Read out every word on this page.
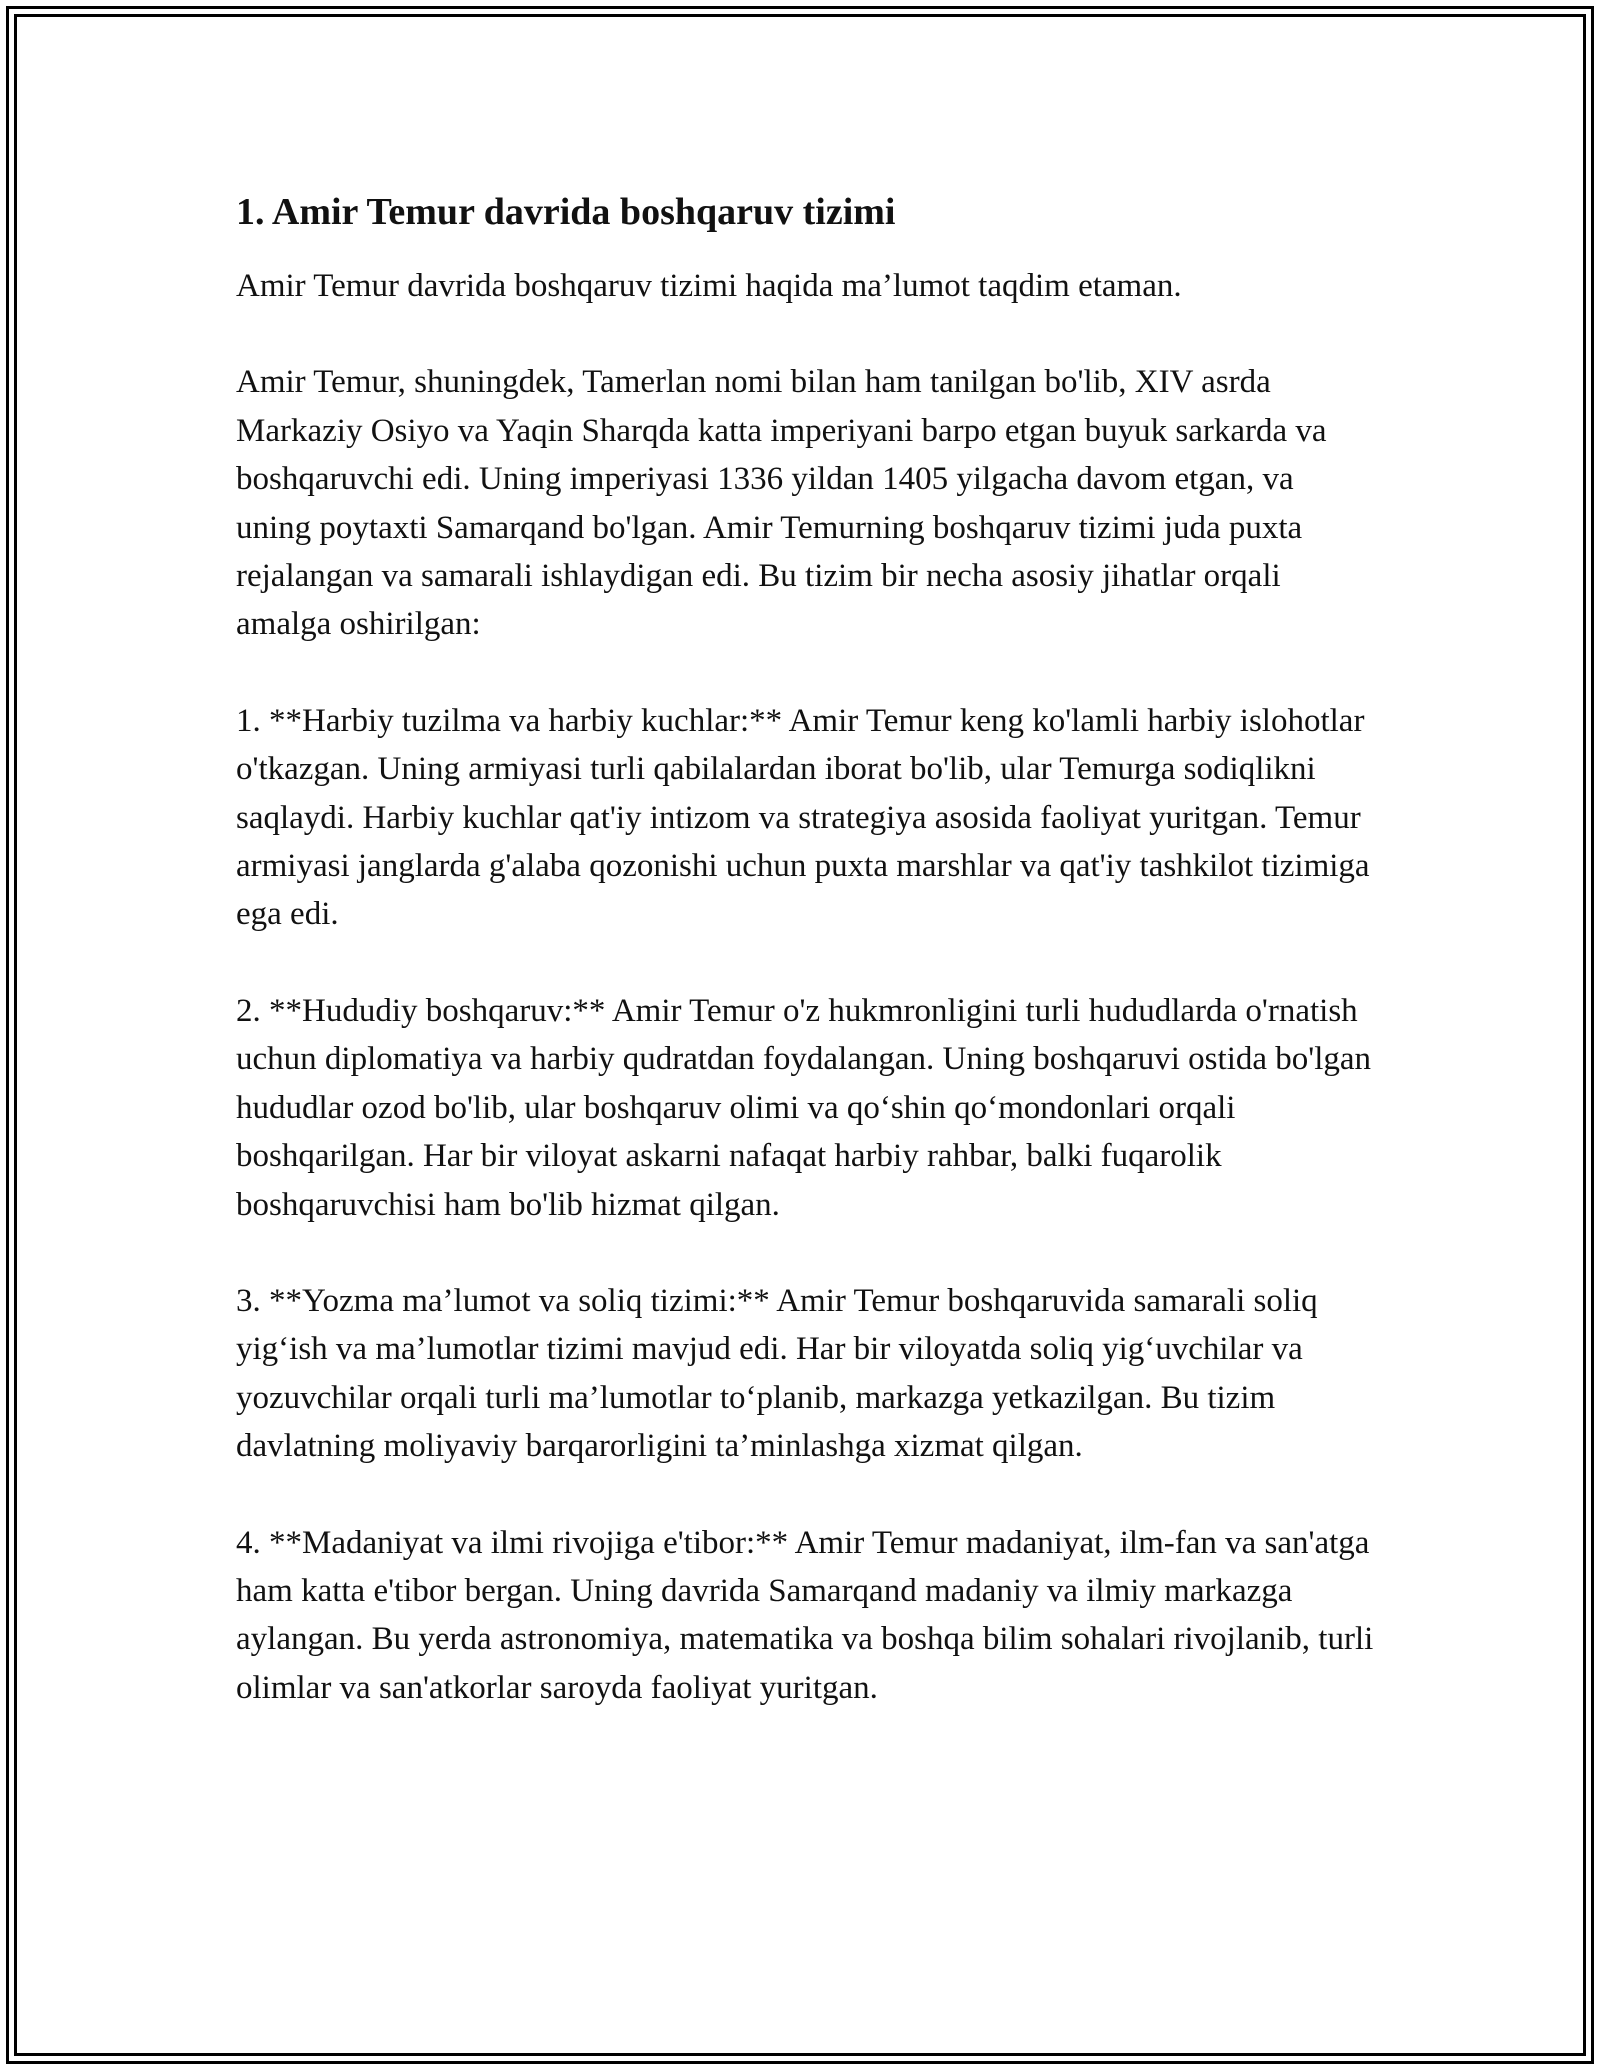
1. Amir Temur davrida boshqaruv tizimi

Amir Temur davrida boshqaruv tizimi haqida ma’lumot taqdim etaman.

Amir Temur, shuningdek, Tamerlan nomi bilan ham tanilgan bo'lib, XIV asrda Markaziy Osiyo va Yaqin Sharqda katta imperiyani barpo etgan buyuk sarkarda va boshqaruvchi edi. Uning imperiyasi 1336 yildan 1405 yilgacha davom etgan, va uning poytaxti Samarqand bo'lgan. Amir Temurning boshqaruv tizimi juda puxta rejalangan va samarali ishlaydigan edi. Bu tizim bir necha asosiy jihatlar orqali amalga oshirilgan:

1. **Harbiy tuzilma va harbiy kuchlar:** Amir Temur keng ko'lamli harbiy islohotlar o'tkazgan. Uning armiyasi turli qabilalardan iborat bo'lib, ular Temurga sodiqlikni saqlaydi. Harbiy kuchlar qat'iy intizom va strategiya asosida faoliyat yuritgan. Temur armiyasi janglarda g'alaba qozonishi uchun puxta marshlar va qat'iy tashkilot tizimiga ega edi.

2. **Hududiy boshqaruv:** Amir Temur o'z hukmronligini turli hududlarda o'rnatish uchun diplomatiya va harbiy qudratdan foydalangan. Uning boshqaruvi ostida bo'lgan hududlar ozod bo'lib, ular boshqaruv olimi va qo‘shin qo‘mondonlari orqali boshqarilgan. Har bir viloyat askarni nafaqat harbiy rahbar, balki fuqarolik boshqaruvchisi ham bo'lib hizmat qilgan.

3. **Yozma ma’lumot va soliq tizimi:** Amir Temur boshqaruvida samarali soliq yig‘ish va ma’lumotlar tizimi mavjud edi. Har bir viloyatda soliq yig‘uvchilar va yozuvchilar orqali turli ma’lumotlar to‘planib, markazga yetkazilgan. Bu tizim davlatning moliyaviy barqarorligini ta’minlashga xizmat qilgan.

4. **Madaniyat va ilmi rivojiga e'tibor:** Amir Temur madaniyat, ilm-fan va san'atga ham katta e'tibor bergan. Uning davrida Samarqand madaniy va ilmiy markazga aylangan. Bu yerda astronomiya, matematika va boshqa bilim sohalari rivojlanib, turli olimlar va san'atkorlar saroyda faoliyat yuritgan.
